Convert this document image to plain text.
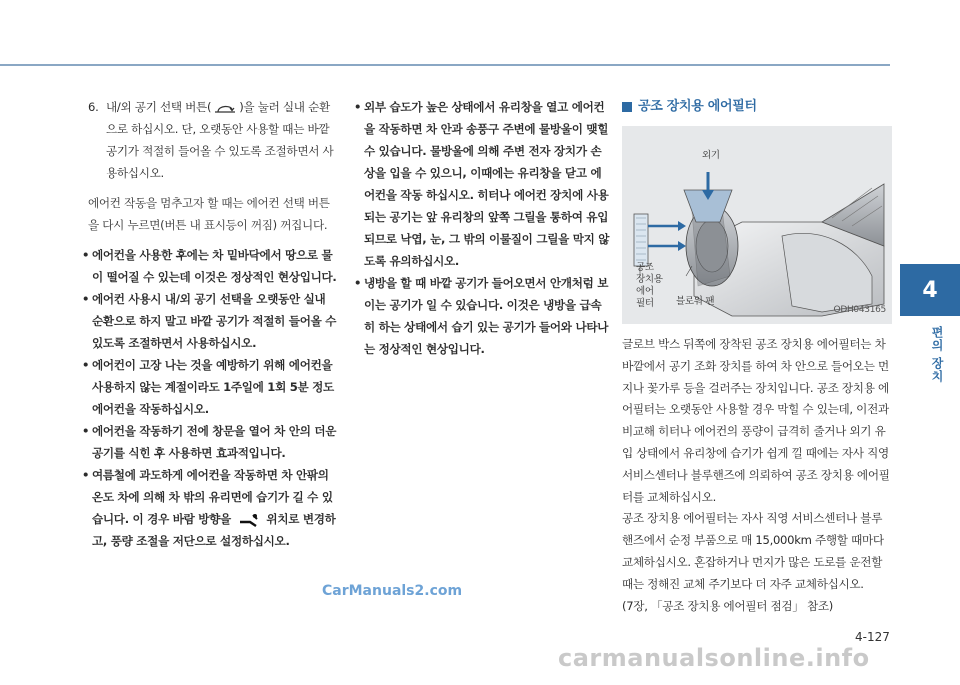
4
편의 장치
6. 내/외 공기 선택 버튼( )을 눌러 실내 순환으로 하십시오. 단, 오랫동안 사용할 때는 바깥 공기가 적절히 들어올 수 있도록 조절하면서 사용하십시오.

에어컨 작동을 멈추고자 할 때는 에어컨 선택 버튼을 다시 누르면(버튼 내 표시등이 꺼짐) 꺼집니다.

• 에어컨을 사용한 후에는 차 밑바닥에서 땅으로 물이 떨어질 수 있는데 이것은 정상적인 현상입니다.
• 에어컨 사용시 내/외 공기 선택을 오랫동안 실내 순환으로 하지 말고 바깥 공기가 적절히 들어올 수 있도록 조절하면서 사용하십시오.
• 에어컨이 고장 나는 것을 예방하기 위해 에어컨을 사용하지 않는 계절이라도 1주일에 1회 5분 정도 에어컨을 작동하십시오.
• 에어컨을 작동하기 전에 창문을 열어 차 안의 더운 공기를 식힌 후 사용하면 효과적입니다.
• 여름철에 과도하게 에어컨을 작동하면 차 안팎의 온도 차에 의해 차 밖의 유리면에 습기가 길 수 있습니다. 이 경우 바람 방향을  위치로 변경하고, 풍량 조절을 저단으로 설정하십시오.
• 외부 습도가 높은 상태에서 유리창을 열고 에어컨을 작동하면 차 안과 송풍구 주변에 물방울이 맺힐 수 있습니다. 물방울에 의해 주변 전자 장치가 손상을 입을 수 있으니, 이때에는 유리창을 닫고 에어컨을 작동 하십시오. 히터나 에어컨 장치에 사용되는 공기는 앞 유리창의 앞쪽 그릴을 통하여 유입되므로 낙엽, 눈, 그 밖의 이물질이 그릴을 막지 않도록 유의하십시오.
• 냉방을 할 때 바깥 공기가 들어오면서 안개처럼 보이는 공기가 일 수 있습니다. 이것은 냉방을 급속히 하는 상태에서 습기 있는 공기가 들어와 나타나는 정상적인 현상입니다.
공조 장치용 에어필터
외기
공조
장치용
에어
필터	블로워 팬
ODH043165

글로브 박스 뒤쪽에 장착된 공조 장치용 에어필터는 차 바깥에서 공기 조화 장치를 하여 차 안으로 들어오는 먼지나 꽃가루 등을 걸러주는 장치입니다. 공조 장치용 에어필터는 오랫동안 사용할 경우 막힐 수 있는데, 이전과 비교해 히터나 에어컨의 풍량이 급격히 줄거나 외기 유입 상태에서 유리창에 습기가 쉽게 낄 때에는 자사 직영 서비스센터나 블루핸즈에 의뢰하여 공조 장치용 에어필터를 교체하십시오.

공조 장치용 에어필터는 자사 직영 서비스센터나 블루핸즈에서 순정 부품으로 매 15,000km 주행할 때마다 교체하십시오. 혼잡하거나 먼지가 많은 도로를 운전할 때는 정해진 교체 주기보다 더 자주 교체하십시오.

(7장, 「공조 장치용 에어필터 점검」 참조)

CarManuals2.com
4-127
carmanualsonline.info
